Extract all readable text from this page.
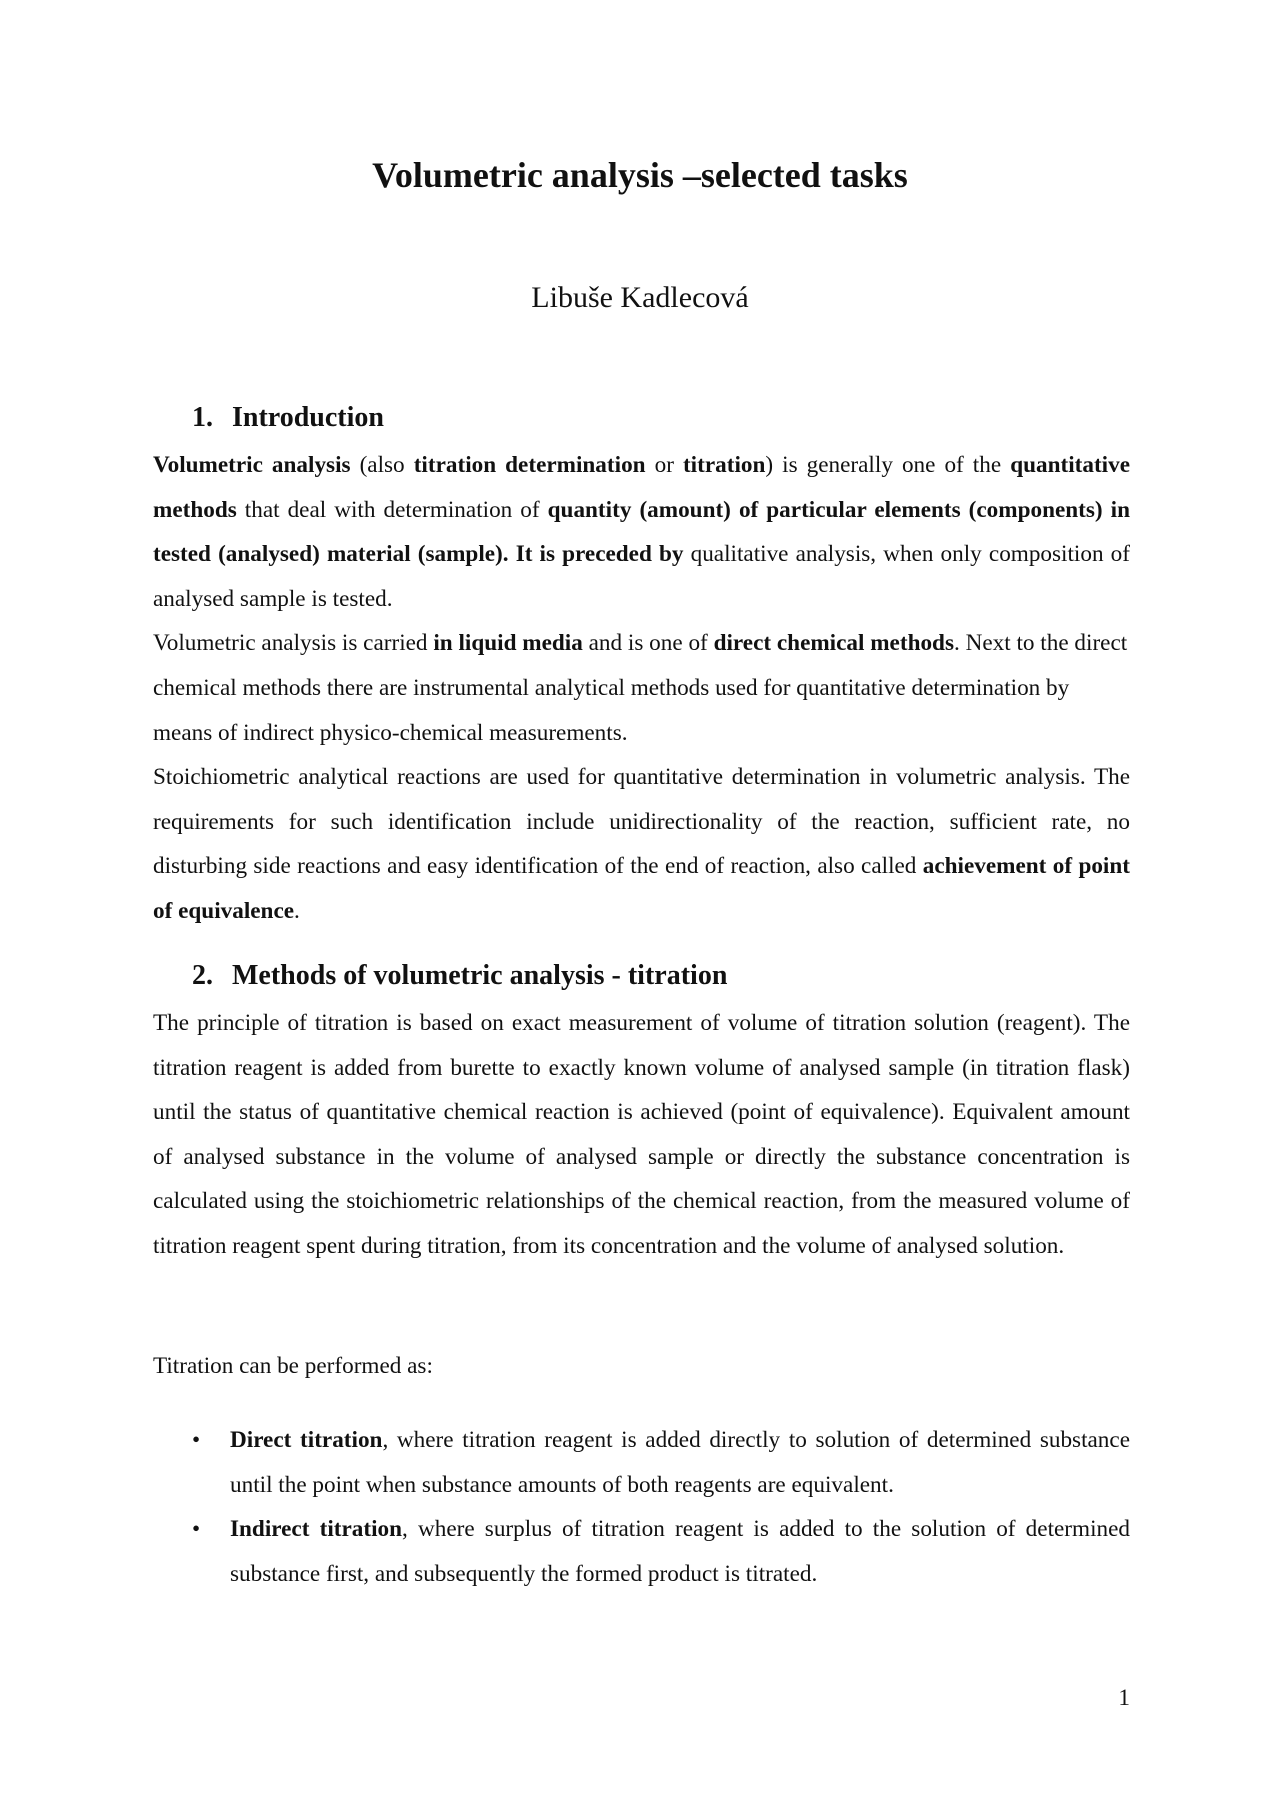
Volumetric analysis –selected tasks
Libuše Kadlecová
1. Introduction

Volumetric analysis (also titration determination or titration) is generally one of the quantitative methods that deal with determination of quantity (amount) of particular elements (components) in tested (analysed) material (sample). It is preceded by qualitative analysis, when only composition of analysed sample is tested.

Volumetric analysis is carried in liquid media and is one of direct chemical methods. Next to the direct chemical methods there are instrumental analytical methods used for quantitative determination by means of indirect physico-chemical measurements.

Stoichiometric analytical reactions are used for quantitative determination in volumetric analysis. The requirements for such identification include unidirectionality of the reaction, sufficient rate, no disturbing side reactions and easy identification of the end of reaction, also called achievement of point of equivalence.

2. Methods of volumetric analysis - titration

The principle of titration is based on exact measurement of volume of titration solution (reagent). The titration reagent is added from burette to exactly known volume of analysed sample (in titration flask) until the status of quantitative chemical reaction is achieved (point of equivalence). Equivalent amount of analysed substance in the volume of analysed sample or directly the substance concentration is calculated using the stoichiometric relationships of the chemical reaction, from the measured volume of titration reagent spent during titration, from its concentration and the volume of analysed solution.

Titration can be performed as:
• Direct titration, where titration reagent is added directly to solution of determined substance until the point when substance amounts of both reagents are equivalent.
• Indirect titration, where surplus of titration reagent is added to the solution of determined substance first, and subsequently the formed product is titrated.
1
